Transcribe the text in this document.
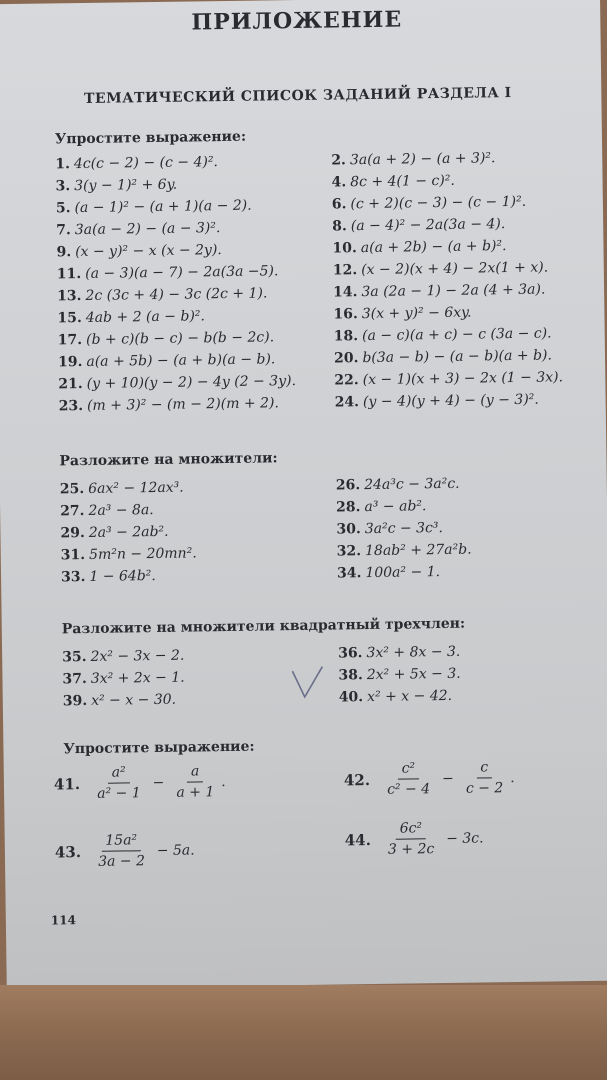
ПРИЛОЖЕНИЕ
ТЕМАТИЧЕСКИЙ СПИСОК ЗАДАНИЙ РАЗДЕЛА I
Упростите выражение:
1. 4c(c − 2) − (c − 4)².
3. 3(y − 1)² + 6y.
5. (a − 1)² − (a + 1)(a − 2).
7. 3a(a − 2) − (a − 3)².
9. (x − y)² − x (x − 2y).
11. (a − 3)(a − 7) − 2a(3a −5).
13. 2c (3c + 4) − 3c (2c + 1).
15. 4ab + 2 (a − b)².
17. (b + c)(b − c) − b(b − 2c).
19. a(a + 5b) − (a + b)(a − b).
21. (y + 10)(y − 2) − 4y (2 − 3y).
23. (m + 3)² − (m − 2)(m + 2).
2. 3a(a + 2) − (a + 3)².
4. 8c + 4(1 − c)².
6. (c + 2)(c − 3) − (c − 1)².
8. (a − 4)² − 2a(3a − 4).
10. a(a + 2b) − (a + b)².
12. (x − 2)(x + 4) − 2x(1 + x).
14. 3a (2a − 1) − 2a (4 + 3a).
16. 3(x + y)² − 6xy.
18. (a − c)(a + c) − c (3a − c).
20. b(3a − b) − (a − b)(a + b).
22. (x − 1)(x + 3) − 2x (1 − 3x).
24. (y − 4)(y + 4) − (y − 3)².
Разложите на множители:
25. 6ax² − 12ax³.
27. 2a³ − 8a.
29. 2a³ − 2ab².
31. 5m²n − 20mn².
33. 1 − 64b².
26. 24a³c − 3a²c.
28. a³ − ab².
30. 3a²c − 3c³.
32. 18ab² + 27a²b.
34. 100a² − 1.
Разложите на множители квадратный трехчлен:
35. 2x² − 3x − 2.
37. 3x² + 2x − 1.
39. x² − x − 30.
36. 3x² + 8x − 3.
38. 2x² + 5x − 3.
40. x² + x − 42.
Упростите выражение:
41. $\frac{\text{a²}}{\text{a² − 1}} - \frac{a}{a + 1}$ .	42. $\frac{\text{c²}}{\text{c² − 4}} - \frac{c}{c - 2}$ .
43. $\frac{\text{15a²}}{3a - 2} - 5a$.
44. $\frac{\text{6c²}}{3 + 2c} - 3c$.
114
